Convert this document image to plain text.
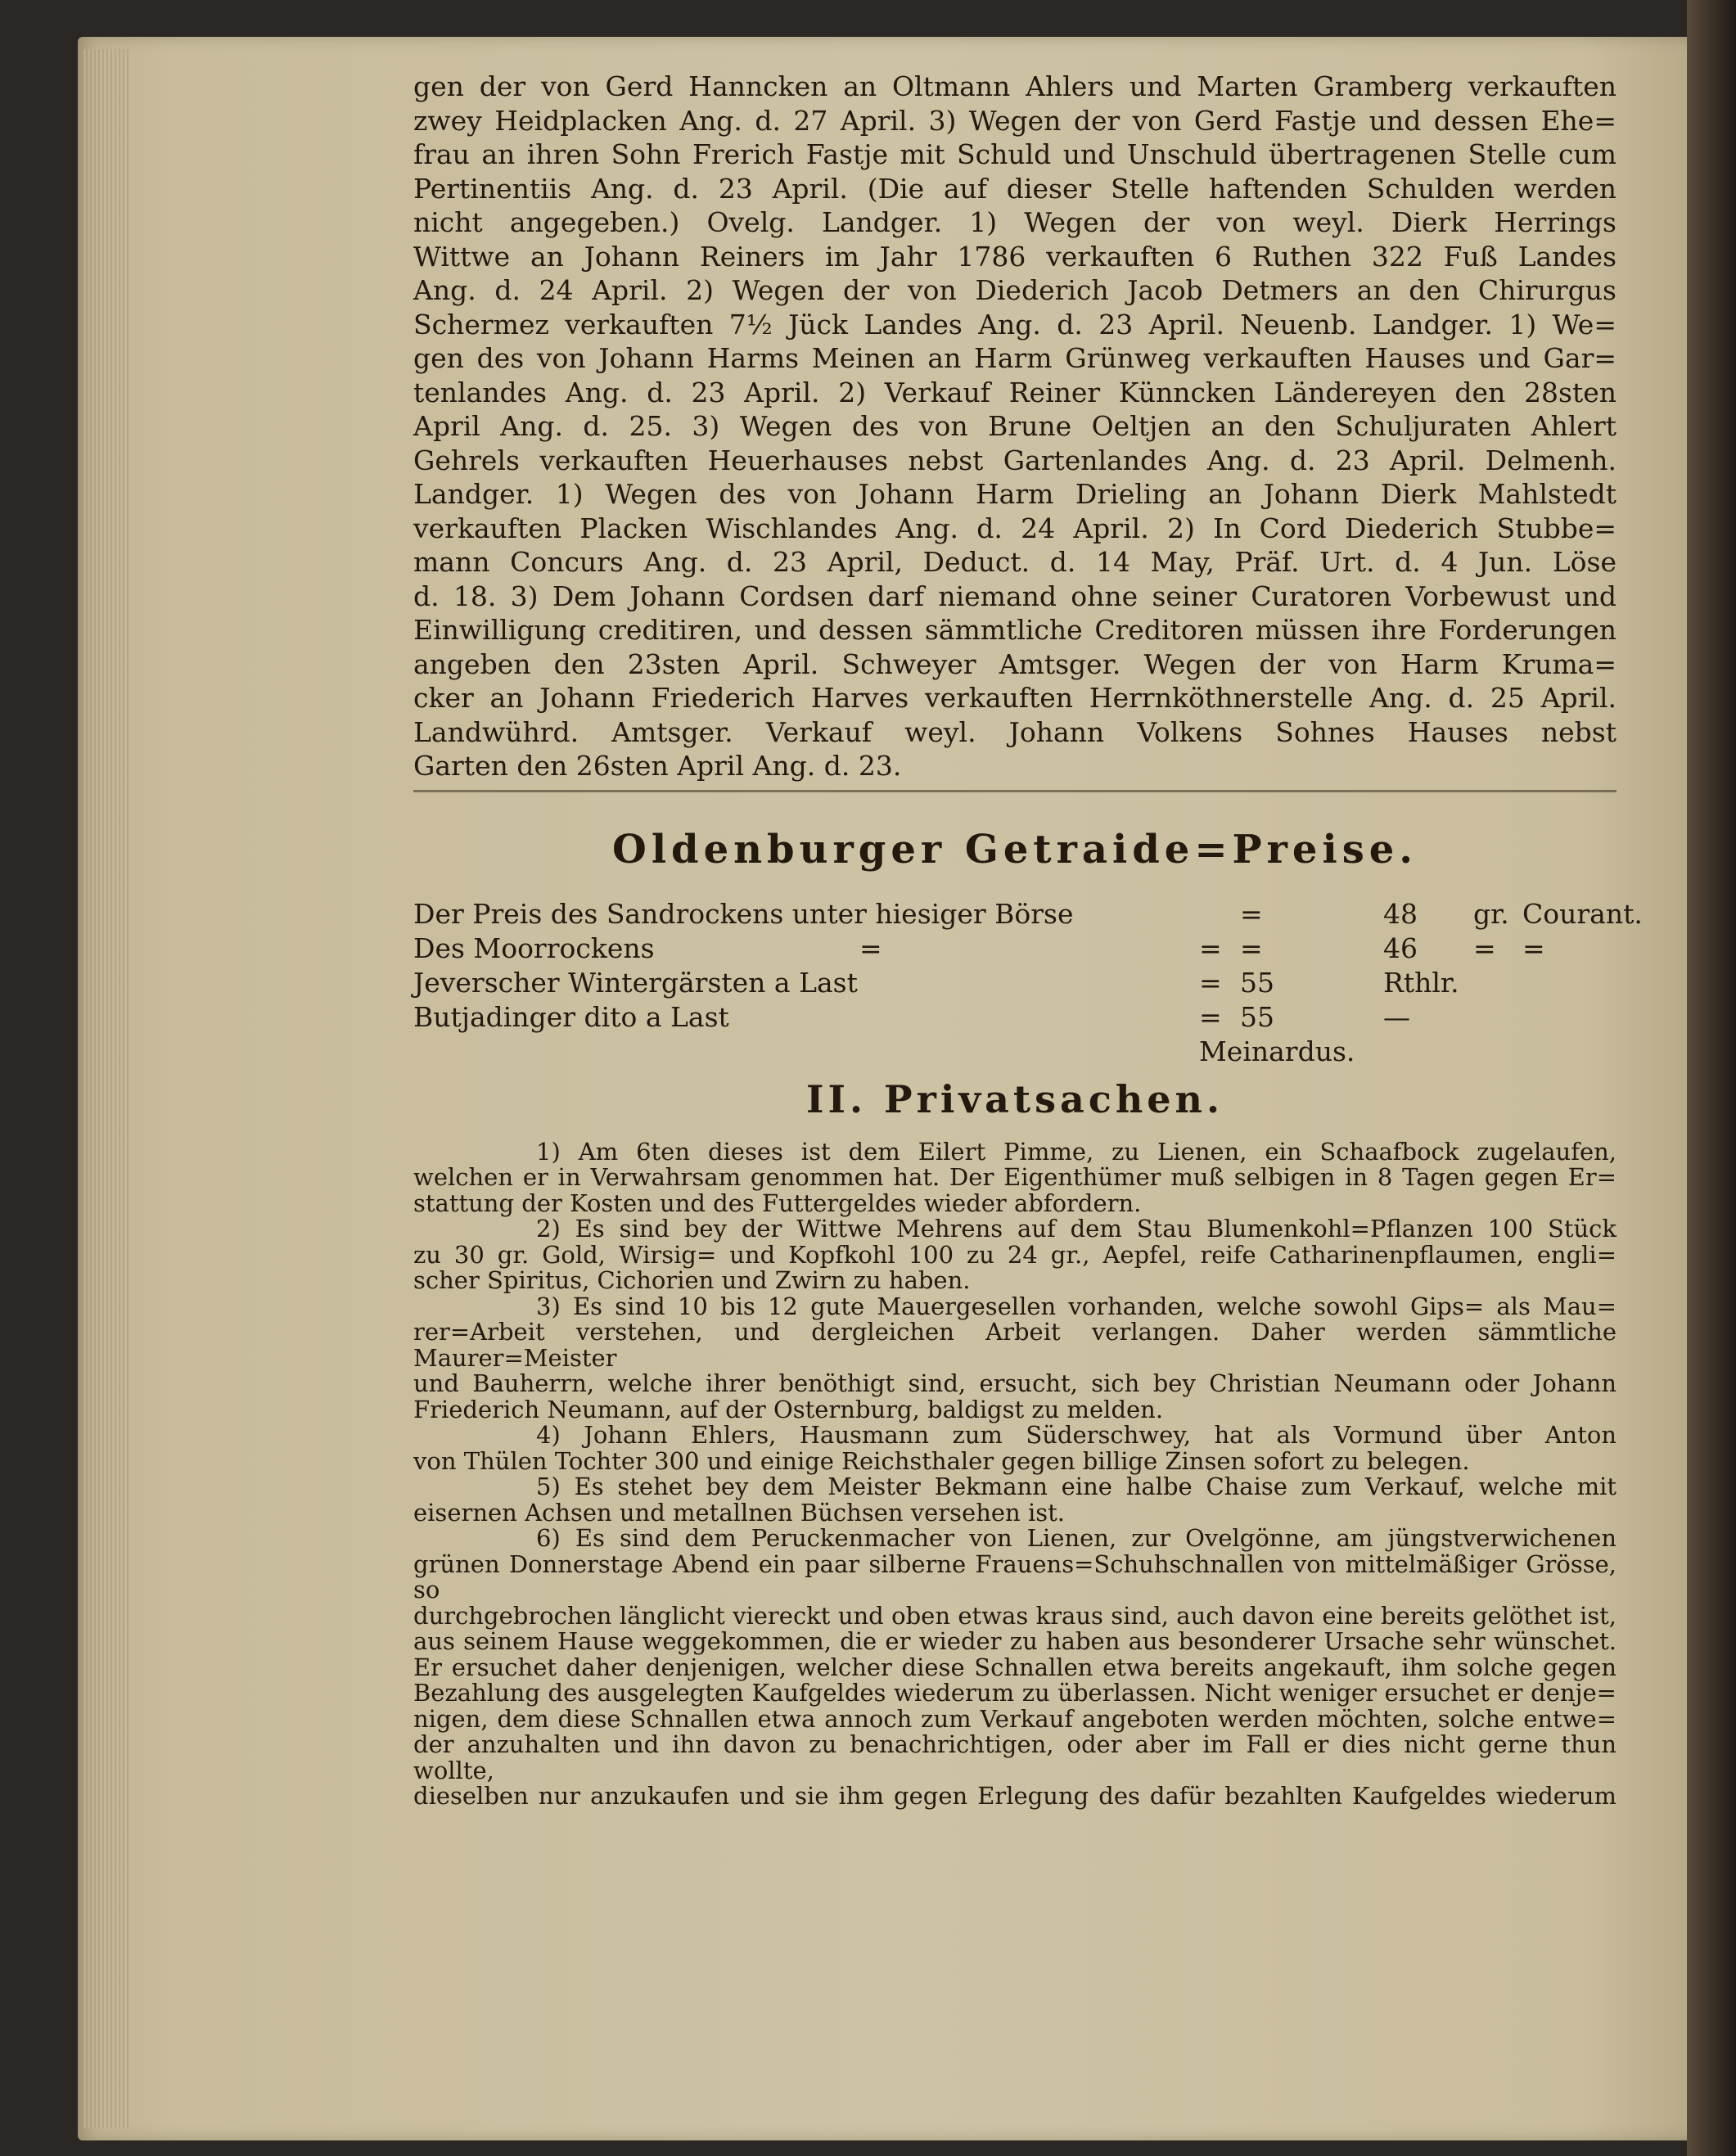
gen der von Gerd Hanncken an Oltmann Ahlers und Marten Gramberg verkauften

zwey Heidplacken Ang. d. 27 April. 3) Wegen der von Gerd Fastje und dessen Ehe=

frau an ihren Sohn Frerich Fastje mit Schuld und Unschuld übertragenen Stelle cum

Pertinentiis Ang. d. 23 April. (Die auf dieser Stelle haftenden Schulden werden

nicht angegeben.) Ovelg. Landger. 1) Wegen der von weyl. Dierk Herrings

Wittwe an Johann Reiners im Jahr 1786 verkauften 6 Ruthen 322 Fuß Landes

Ang. d. 24 April. 2) Wegen der von Diederich Jacob Detmers an den Chirurgus

Schermez verkauften 7½ Jück Landes Ang. d. 23 April. Neuenb. Landger. 1) We=

gen des von Johann Harms Meinen an Harm Grünweg verkauften Hauses und Gar=

tenlandes Ang. d. 23 April. 2) Verkauf Reiner Künncken Ländereyen den 28sten

April Ang. d. 25. 3) Wegen des von Brune Oeltjen an den Schuljuraten Ahlert

Gehrels verkauften Heuerhauses nebst Gartenlandes Ang. d. 23 April. Delmenh.

Landger. 1) Wegen des von Johann Harm Drieling an Johann Dierk Mahlstedt

verkauften Placken Wischlandes Ang. d. 24 April. 2) In Cord Diederich Stubbe=

mann Concurs Ang. d. 23 April, Deduct. d. 14 May, Präf. Urt. d. 4 Jun. Löse

d. 18. 3) Dem Johann Cordsen darf niemand ohne seiner Curatoren Vorbewust und

Einwilligung creditiren, und dessen sämmtliche Creditoren müssen ihre Forderungen

angeben den 23sten April. Schweyer Amtsger. Wegen der von Harm Kruma=

cker an Johann Friederich Harves verkauften Herrnköthnerstelle Ang. d. 25 April.

Landwührd. Amtsger. Verkauf weyl. Johann Volkens Sohnes Hauses nebst

Garten den 26sten April Ang. d. 23.

Oldenburger Getraide=Preise.
Der Preis des Sandrockens unter hiesiger Börse	=	48 gr. Courant.
Des Moorrockens	=	= =	46 = =
Jeverscher Wintergärsten a Last	= 55	Rthlr.
Butjadinger dito a Last	= 55	—
Meinardus.
II. Privatsachen.

1) Am 6ten dieses ist dem Eilert Pimme, zu Lienen, ein Schaafbock zugelaufen,

welchen er in Verwahrsam genommen hat. Der Eigenthümer muß selbigen in 8 Tagen gegen Er=

stattung der Kosten und des Futtergeldes wieder abfordern.

2) Es sind bey der Wittwe Mehrens auf dem Stau Blumenkohl=Pflanzen 100 Stück

zu 30 gr. Gold, Wirsig= und Kopfkohl 100 zu 24 gr., Aepfel, reife Catharinenpflaumen, engli=

scher Spiritus, Cichorien und Zwirn zu haben.

3) Es sind 10 bis 12 gute Mauergesellen vorhanden, welche sowohl Gips= als Mau=

rer=Arbeit verstehen, und dergleichen Arbeit verlangen. Daher werden sämmtliche Maurer=Meister

und Bauherrn, welche ihrer benöthigt sind, ersucht, sich bey Christian Neumann oder Johann

Friederich Neumann, auf der Osternburg, baldigst zu melden.

4) Johann Ehlers, Hausmann zum Süderschwey, hat als Vormund über Anton

von Thülen Tochter 300 und einige Reichsthaler gegen billige Zinsen sofort zu belegen.

5) Es stehet bey dem Meister Bekmann eine halbe Chaise zum Verkauf, welche mit

eisernen Achsen und metallnen Büchsen versehen ist.

6) Es sind dem Peruckenmacher von Lienen, zur Ovelgönne, am jüngstverwichenen

grünen Donnerstage Abend ein paar silberne Frauens=Schuhschnallen von mittelmäßiger Grösse, so

durchgebrochen länglicht viereckt und oben etwas kraus sind, auch davon eine bereits gelöthet ist,

aus seinem Hause weggekommen, die er wieder zu haben aus besonderer Ursache sehr wünschet.

Er ersuchet daher denjenigen, welcher diese Schnallen etwa bereits angekauft, ihm solche gegen

Bezahlung des ausgelegten Kaufgeldes wiederum zu überlassen. Nicht weniger ersuchet er denje=

nigen, dem diese Schnallen etwa annoch zum Verkauf angeboten werden möchten, solche entwe=

der anzuhalten und ihn davon zu benachrichtigen, oder aber im Fall er dies nicht gerne thun wollte,

dieselben nur anzukaufen und sie ihm gegen Erlegung des dafür bezahlten Kaufgeldes wiederum
